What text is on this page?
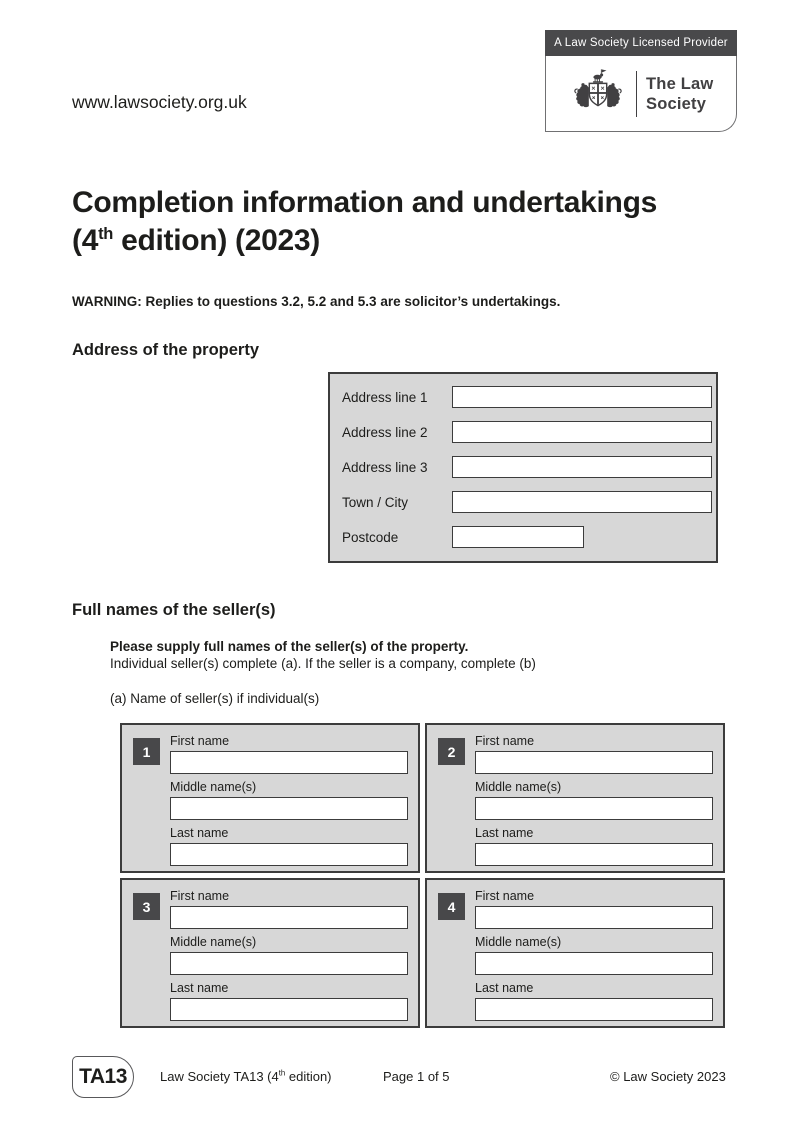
www.lawsociety.org.uk
A Law Society Licensed Provider
The Law
Society
Completion information and undertakings
(4th edition) (2023)

WARNING: Replies to questions 3.2, 5.2 and 5.3 are solicitor’s undertakings.

Address of the property
Address line 1
Address line 2
Address line 3
Town / City
Postcode
Full names of the seller(s)

Please supply full names of the seller(s) of the property.

Individual seller(s) complete (a). If the seller is a company, complete (b)

(a) Name of seller(s) if individual(s)

1
First name
Middle name(s)
Last name
2
First name
Middle name(s)
Last name
3
First name
Middle name(s)
Last name
4
First name
Middle name(s)
Last name
TA13	Law Society TA13 (4th edition)	Page 1 of 5	© Law Society 2023
